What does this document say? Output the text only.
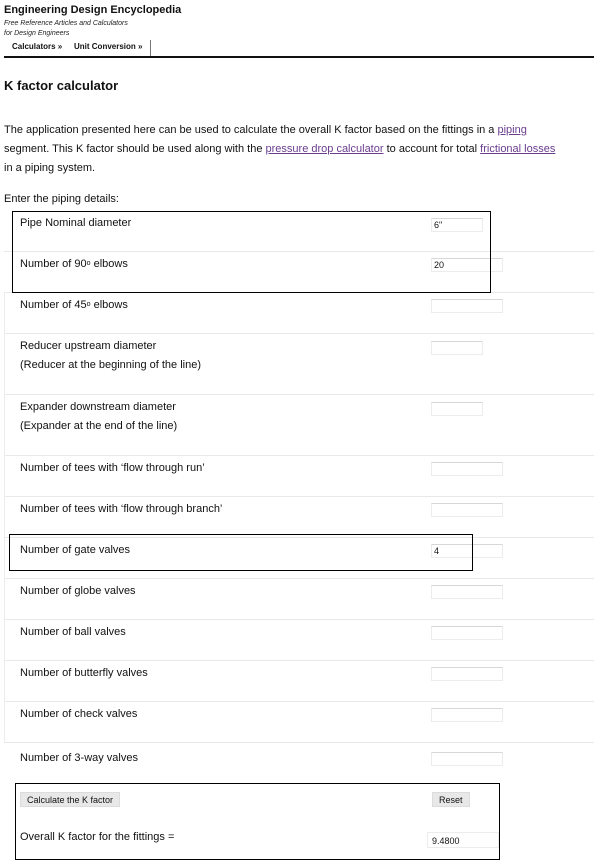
Engineering Design Encyclopedia
Free Reference Articles and Calculators
for Design Engineers
Calculators » Unit Conversion »
K factor calculator
The application presented here can be used to calculate the overall K factor based on the fittings in a piping
segment. This K factor should be used along with the pressure drop calculator to account for total frictional losses
in a piping system.
Enter the piping details:
Pipe Nominal diameter
6"
Number of 90$^o$ elbows
20
Number of 45$^o$ elbows
Reducer upstream diameter
(Reducer at the beginning of the line)
Expander downstream diameter
(Expander at the end of the line)
Number of tees with ‘flow through run’
Number of tees with ‘flow through branch’
Number of gate valves
4
Number of globe valves
Number of ball valves
Number of butterfly valves
Number of check valves
Number of 3-way valves
Calculate the K factor	Reset
Overall K factor for the fittings =	9.4800
